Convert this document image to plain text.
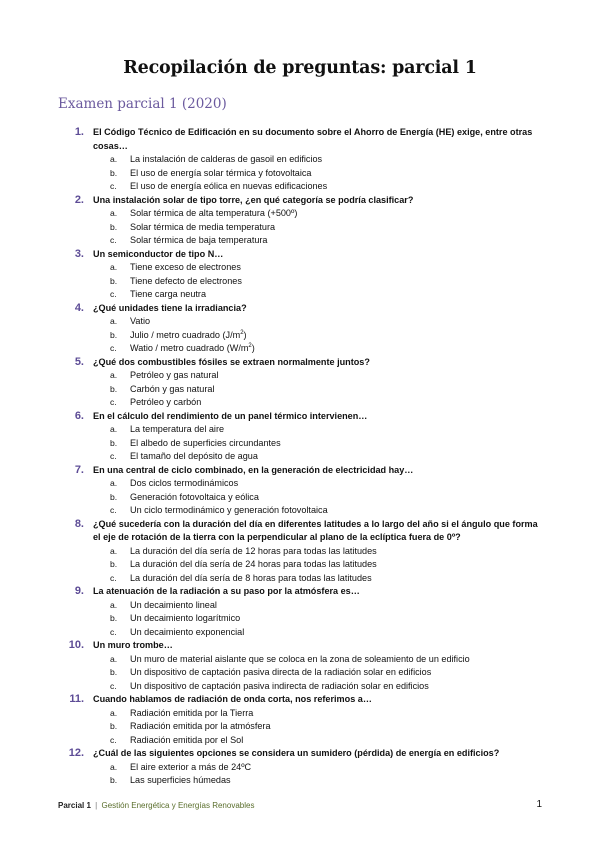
Recopilación de preguntas: parcial 1
Examen parcial 1 (2020)
1. El Código Técnico de Edificación en su documento sobre el Ahorro de Energía (HE) exige, entre otras cosas…
a.	La instalación de calderas de gasoil en edificios
b.	El uso de energía solar térmica y fotovoltaica
c.	El uso de energía eólica en nuevas edificaciones
2. Una instalación solar de tipo torre, ¿en qué categoría se podría clasificar?
a.	Solar térmica de alta temperatura (+500º)
b.	Solar térmica de media temperatura
c.	Solar térmica de baja temperatura
3. Un semiconductor de tipo N…
a.	Tiene exceso de electrones
b.	Tiene defecto de electrones
c.	Tiene carga neutra
4. ¿Qué unidades tiene la irradiancia?
a.	Vatio
b.	Julio / metro cuadrado $(J/m^2)$
c.	Watio / metro cuadrado $(W/m^2)$
5. ¿Qué dos combustibles fósiles se extraen normalmente juntos?
a.	Petróleo y gas natural
b.	Carbón y gas natural
c.	Petróleo y carbón
6. En el cálculo del rendimiento de un panel térmico intervienen…
a.	La temperatura del aire
b.	El albedo de superficies circundantes
c.	El tamaño del depósito de agua
7. En una central de ciclo combinado, en la generación de electricidad hay…
a.	Dos ciclos termodinámicos
b.	Generación fotovoltaica y eólica
c.	Un ciclo termodinámico y generación fotovoltaica
8. ¿Qué sucedería con la duración del día en diferentes latitudes a lo largo del año si el ángulo que forma el eje de rotación de la tierra con la perpendicular al plano de la eclíptica fuera de 0º?
a.	La duración del día sería de 12 horas para todas las latitudes
b.	La duración del día sería de 24 horas para todas las latitudes
c.	La duración del día sería de 8 horas para todas las latitudes
9. La atenuación de la radiación a su paso por la atmósfera es…
a.	Un decaimiento lineal
b.	Un decaimiento logarítmico
c.	Un decaimiento exponencial
10. Un muro trombe…
a.	Un muro de material aislante que se coloca en la zona de soleamiento de un edificio
b.	Un dispositivo de captación pasiva directa de la radiación solar en edificios
c.	Un dispositivo de captación pasiva indirecta de radiación solar en edificios
11. Cuando hablamos de radiación de onda corta, nos referimos a…
a.	Radiación emitida por la Tierra
b.	Radiación emitida por la atmósfera
c.	Radiación emitida por el Sol
12. ¿Cuál de las siguientes opciones se considera un sumidero (pérdida) de energía en edificios?
a.	El aire exterior a más de 24ºC
b.	Las superficies húmedas
Parcial 1 | Gestión Energética y Energías Renovables	1
